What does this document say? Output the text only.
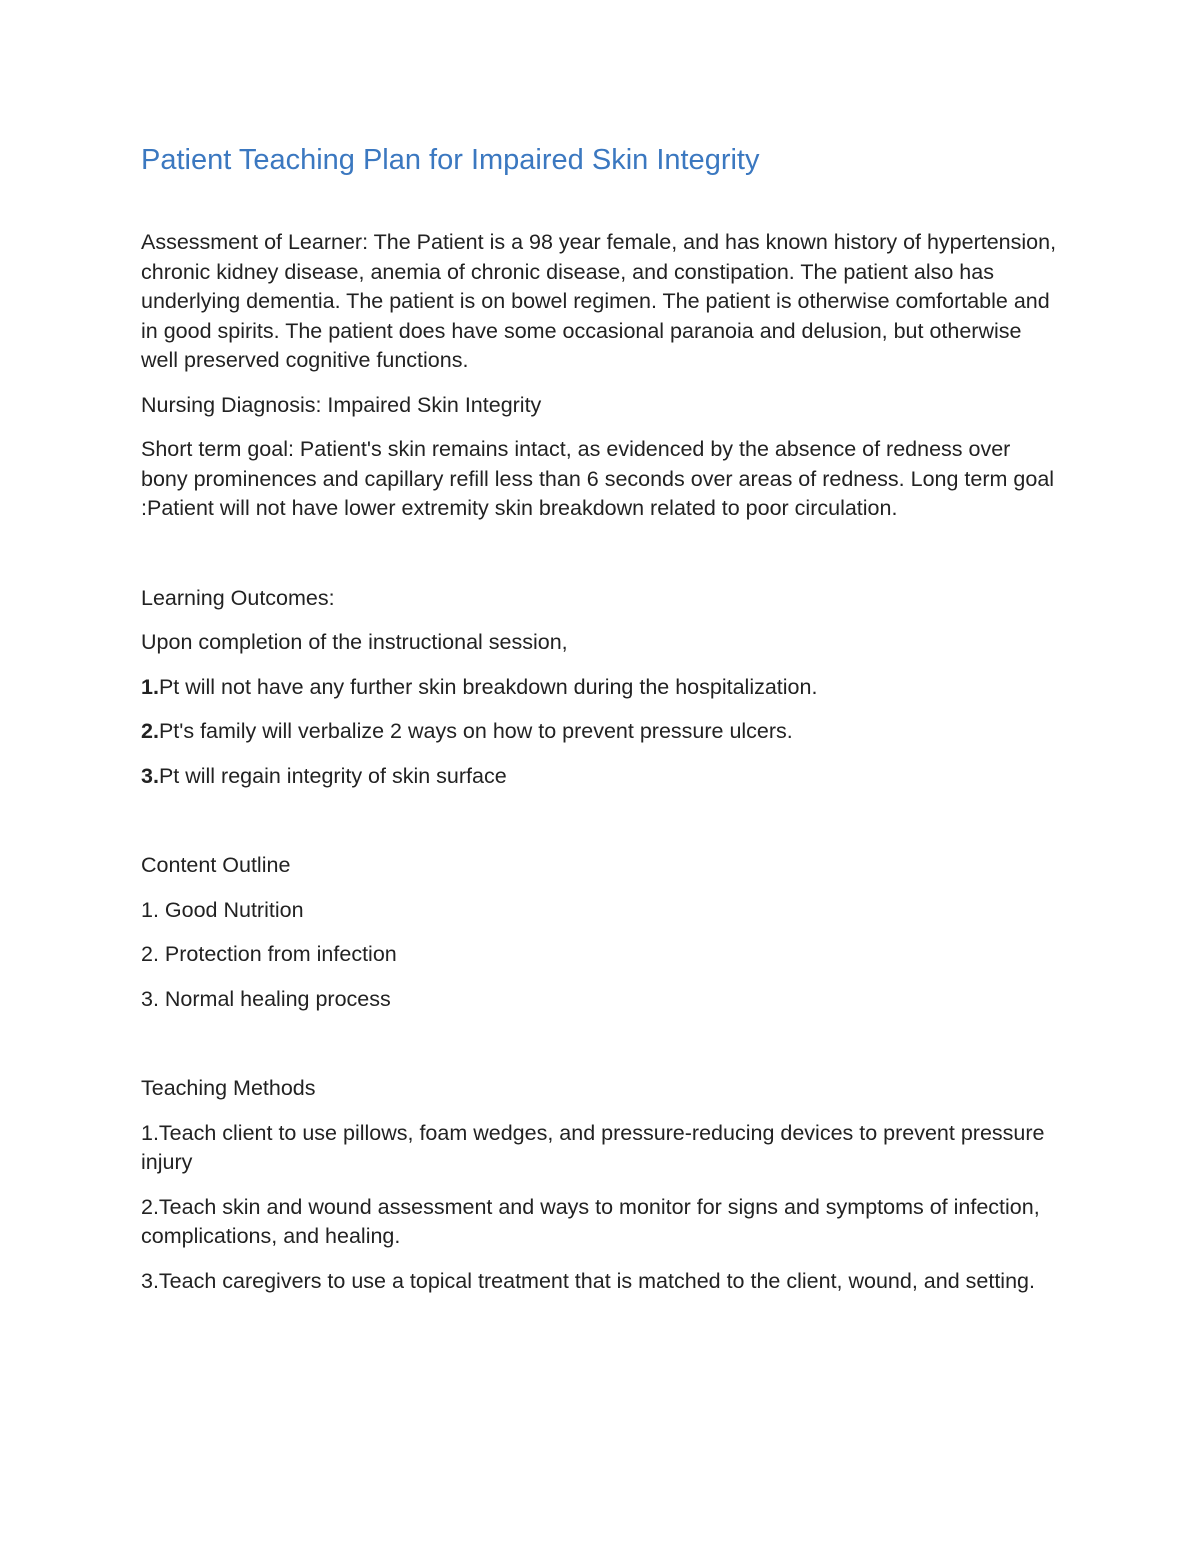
Patient Teaching Plan for Impaired Skin Integrity

Assessment of Learner: The Patient is a 98 year female, and has known history of hypertension, chronic kidney disease, anemia of chronic disease, and constipation. The patient also has underlying dementia. The patient is on bowel regimen. The patient is otherwise comfortable and in good spirits. The patient does have some occasional paranoia and delusion, but otherwise well preserved cognitive functions.

Nursing Diagnosis: Impaired Skin Integrity

Short term goal: Patient's skin remains intact, as evidenced by the absence of redness over bony prominences and capillary refill less than 6 seconds over areas of redness. Long term goal :Patient will not have lower extremity skin breakdown related to poor circulation.

Learning Outcomes:

Upon completion of the instructional session,

1.Pt will not have any further skin breakdown during the hospitalization.

2.Pt's family will verbalize 2 ways on how to prevent pressure ulcers.

3.Pt will regain integrity of skin surface

Content Outline

1. Good Nutrition

2. Protection from infection

3. Normal healing process

Teaching Methods

1.Teach client to use pillows, foam wedges, and pressure-reducing devices to prevent pressure injury

2.Teach skin and wound assessment and ways to monitor for signs and symptoms of infection, complications, and healing.

3.Teach caregivers to use a topical treatment that is matched to the client, wound, and setting.
